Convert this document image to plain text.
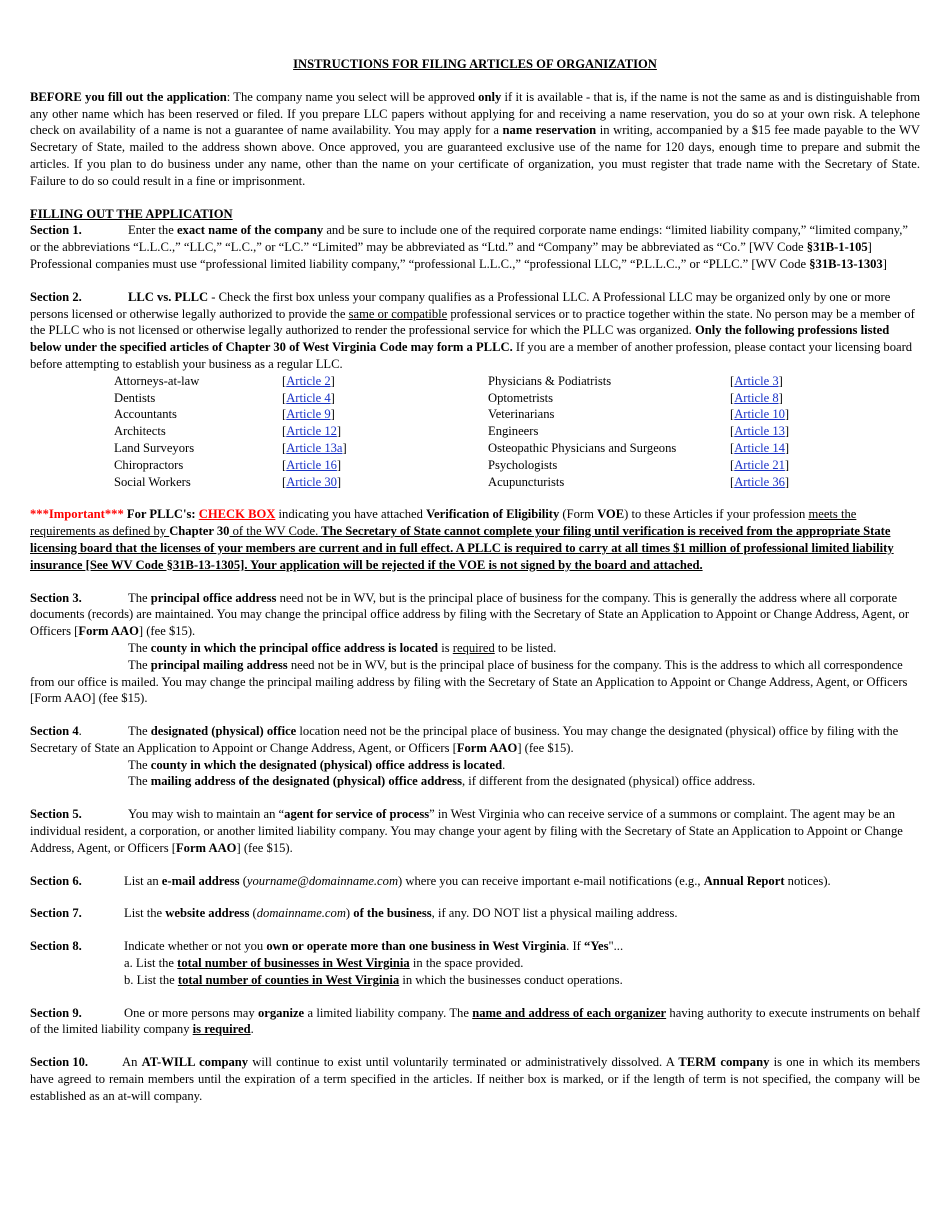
INSTRUCTIONS FOR FILING ARTICLES OF ORGANIZATION

BEFORE you fill out the application: The company name you select will be approved only if it is available - that is, if the name is not the same as and is distinguishable from any other name which has been reserved or filed. If you prepare LLC papers without applying for and receiving a name reservation, you do so at your own risk. A telephone check on availability of a name is not a guarantee of name availability. You may apply for a name reservation in writing, accompanied by a $15 fee made payable to the WV Secretary of State, mailed to the address shown above. Once approved, you are guaranteed exclusive use of the name for 120 days, enough time to prepare and submit the articles. If you plan to do business under any name, other than the name on your certificate of organization, you must register that trade name with the Secretary of State. Failure to do so could result in a fine or imprisonment.

FILLING OUT THE APPLICATION

Section 1.	Enter the exact name of the company and be sure to include one of the required corporate name endings: “limited liability company,” “limited company,” or the abbreviations “L.L.C.,” “LLC,” “L.C.,” or “LC.” “Limited” may be abbreviated as “Ltd.” and “Company” may be abbreviated as “Co.” [WV Code §31B-1-105] Professional companies must use “professional limited liability company,” “professional L.L.C.,” “professional LLC,” “P.L.L.C.,” or “PLLC.” [WV Code §31B-13-1303]

Section 2.	LLC vs. PLLC - Check the first box unless your company qualifies as a Professional LLC. A Professional LLC may be organized only by one or more persons licensed or otherwise legally authorized to provide the same or compatible professional services or to practice together within the state. No person may be a member of the PLLC who is not licensed or otherwise legally authorized to render the professional service for which the PLLC was organized. Only the following professions listed below under the specified articles of Chapter 30 of West Virginia Code may form a PLLC. If you are a member of another profession, please contact your licensing board before attempting to establish your business as a regular LLC.

Attorneys-at-law	[Article 2]	Physicians & Podiatrists	[Article 3]
Dentists	[Article 4]	Optometrists	[Article 8]
Accountants	[Article 9]	Veterinarians	[Article 10]
Architects	[Article 12]	Engineers	[Article 13]
Land Surveyors	[Article 13a]	Osteopathic Physicians and Surgeons	[Article 14]
Chiropractors	[Article 16]	Psychologists	[Article 21]
Social Workers	[Article 30]	Acupuncturists	[Article 36]

***Important*** For PLLC's: CHECK BOX indicating you have attached Verification of Eligibility (Form VOE) to these Articles if your profession meets the requirements as defined by Chapter 30 of the WV Code. The Secretary of State cannot complete your filing until verification is received from the appropriate State licensing board that the licenses of your members are current and in full effect. A PLLC is required to carry at all times $1 million of professional limited liability insurance [See WV Code §31B-13-1305]. Your application will be rejected if the VOE is not signed by the board and attached.

Section 3.	The principal office address need not be in WV, but is the principal place of business for the company. This is generally the address where all corporate documents (records) are maintained. You may change the principal office address by filing with the Secretary of State an Application to Appoint or Change Address, Agent, or Officers [Form AAO] (fee $15).

The county in which the principal office address is located is required to be listed.

The principal mailing address need not be in WV, but is the principal place of business for the company. This is the address to which all correspondence from our office is mailed. You may change the principal mailing address by filing with the Secretary of State an Application to Appoint or Change Address, Agent, or Officers [Form AAO] (fee $15).

Section 4.	The designated (physical) office location need not be the principal place of business. You may change the designated (physical) office by filing with the Secretary of State an Application to Appoint or Change Address, Agent, or Officers [Form AAO] (fee $15).

The county in which the designated (physical) office address is located.

The mailing address of the designated (physical) office address, if different from the designated (physical) office address.

Section 5.	You may wish to maintain an “agent for service of process” in West Virginia who can receive service of a summons or complaint. The agent may be an individual resident, a corporation, or another limited liability company. You may change your agent by filing with the Secretary of State an Application to Appoint or Change Address, Agent, or Officers [Form AAO] (fee $15).

Section 6.	List an e-mail address (yourname@domainname.com) where you can receive important e-mail notifications (e.g., Annual Report notices).

Section 7.	List the website address (domainname.com) of the business, if any. DO NOT list a physical mailing address.

Section 8.	Indicate whether or not you own or operate more than one business in West Virginia. If “Yes"...

a. List the total number of businesses in West Virginia in the space provided.

b. List the total number of counties in West Virginia in which the businesses conduct operations.

Section 9.	One or more persons may organize a limited liability company. The name and address of each organizer having authority to execute instruments on behalf of the limited liability company is required.

Section 10.	An AT-WILL company will continue to exist until voluntarily terminated or administratively dissolved. A TERM company is one in which its members have agreed to remain members until the expiration of a term specified in the articles. If neither box is marked, or if the length of term is not specified, the company will be established as an at-will company.
